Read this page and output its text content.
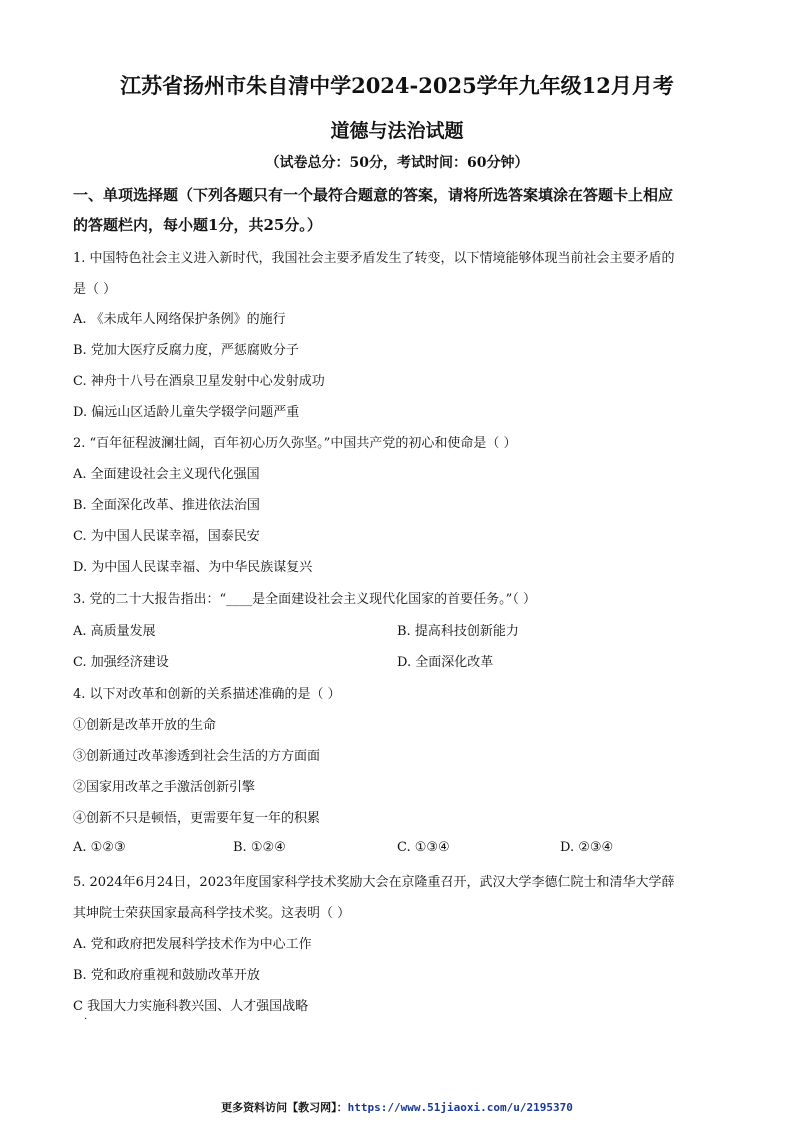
江苏省扬州市朱自清中学2024-2025学年九年级12月月考
道德与法治试题
（试卷总分：50分，考试时间：60分钟）
一、单项选择题（下列各题只有一个最符合题意的答案，请将所选答案填涂在答题卡上相应
的答题栏内，每小题1分，共25分。）
1. 中国特色社会主义进入新时代，我国社会主要矛盾发生了转变，以下情境能够体现当前社会主要矛盾的
是（ ）
A. 《未成年人网络保护条例》的施行
B. 党加大医疗反腐力度，严惩腐败分子
C. 神舟十八号在酒泉卫星发射中心发射成功
D. 偏远山区适龄儿童失学辍学问题严重
2. “百年征程波澜壮阔，百年初心历久弥坚。”中国共产党的初心和使命是（ ）
A. 全面建设社会主义现代化强国
B. 全面深化改革、推进依法治国
C. 为中国人民谋幸福，国泰民安
D. 为中国人民谋幸福、为中华民族谋复兴
3. 党的二十大报告指出：“____是全面建设社会主义现代化国家的首要任务。”（ ）
A. 高质量发展	B. 提高科技创新能力
C. 加强经济建设	D. 全面深化改革
4. 以下对改革和创新的关系描述准确的是（ ）
①创新是改革开放的生命
③创新通过改革渗透到社会生活的方方面面
②国家用改革之手激活创新引擎
④创新不只是顿悟，更需要年复一年的积累
A. ①②③	B. ①②④	C. ①③④	D. ②③④
5. 2024年6月24日，2023年度国家科学技术奖励大会在京隆重召开，武汉大学李德仁院士和清华大学薛
其坤院士荣获国家最高科学技术奖。这表明（ ）
A. 党和政府把发展科学技术作为中心工作
B. 党和政府重视和鼓励改革开放
C 我国大力实施科教兴国、人才强国战略
·
更多资料访问【教习网】：https://www.51jiaoxi.com/u/2195370
